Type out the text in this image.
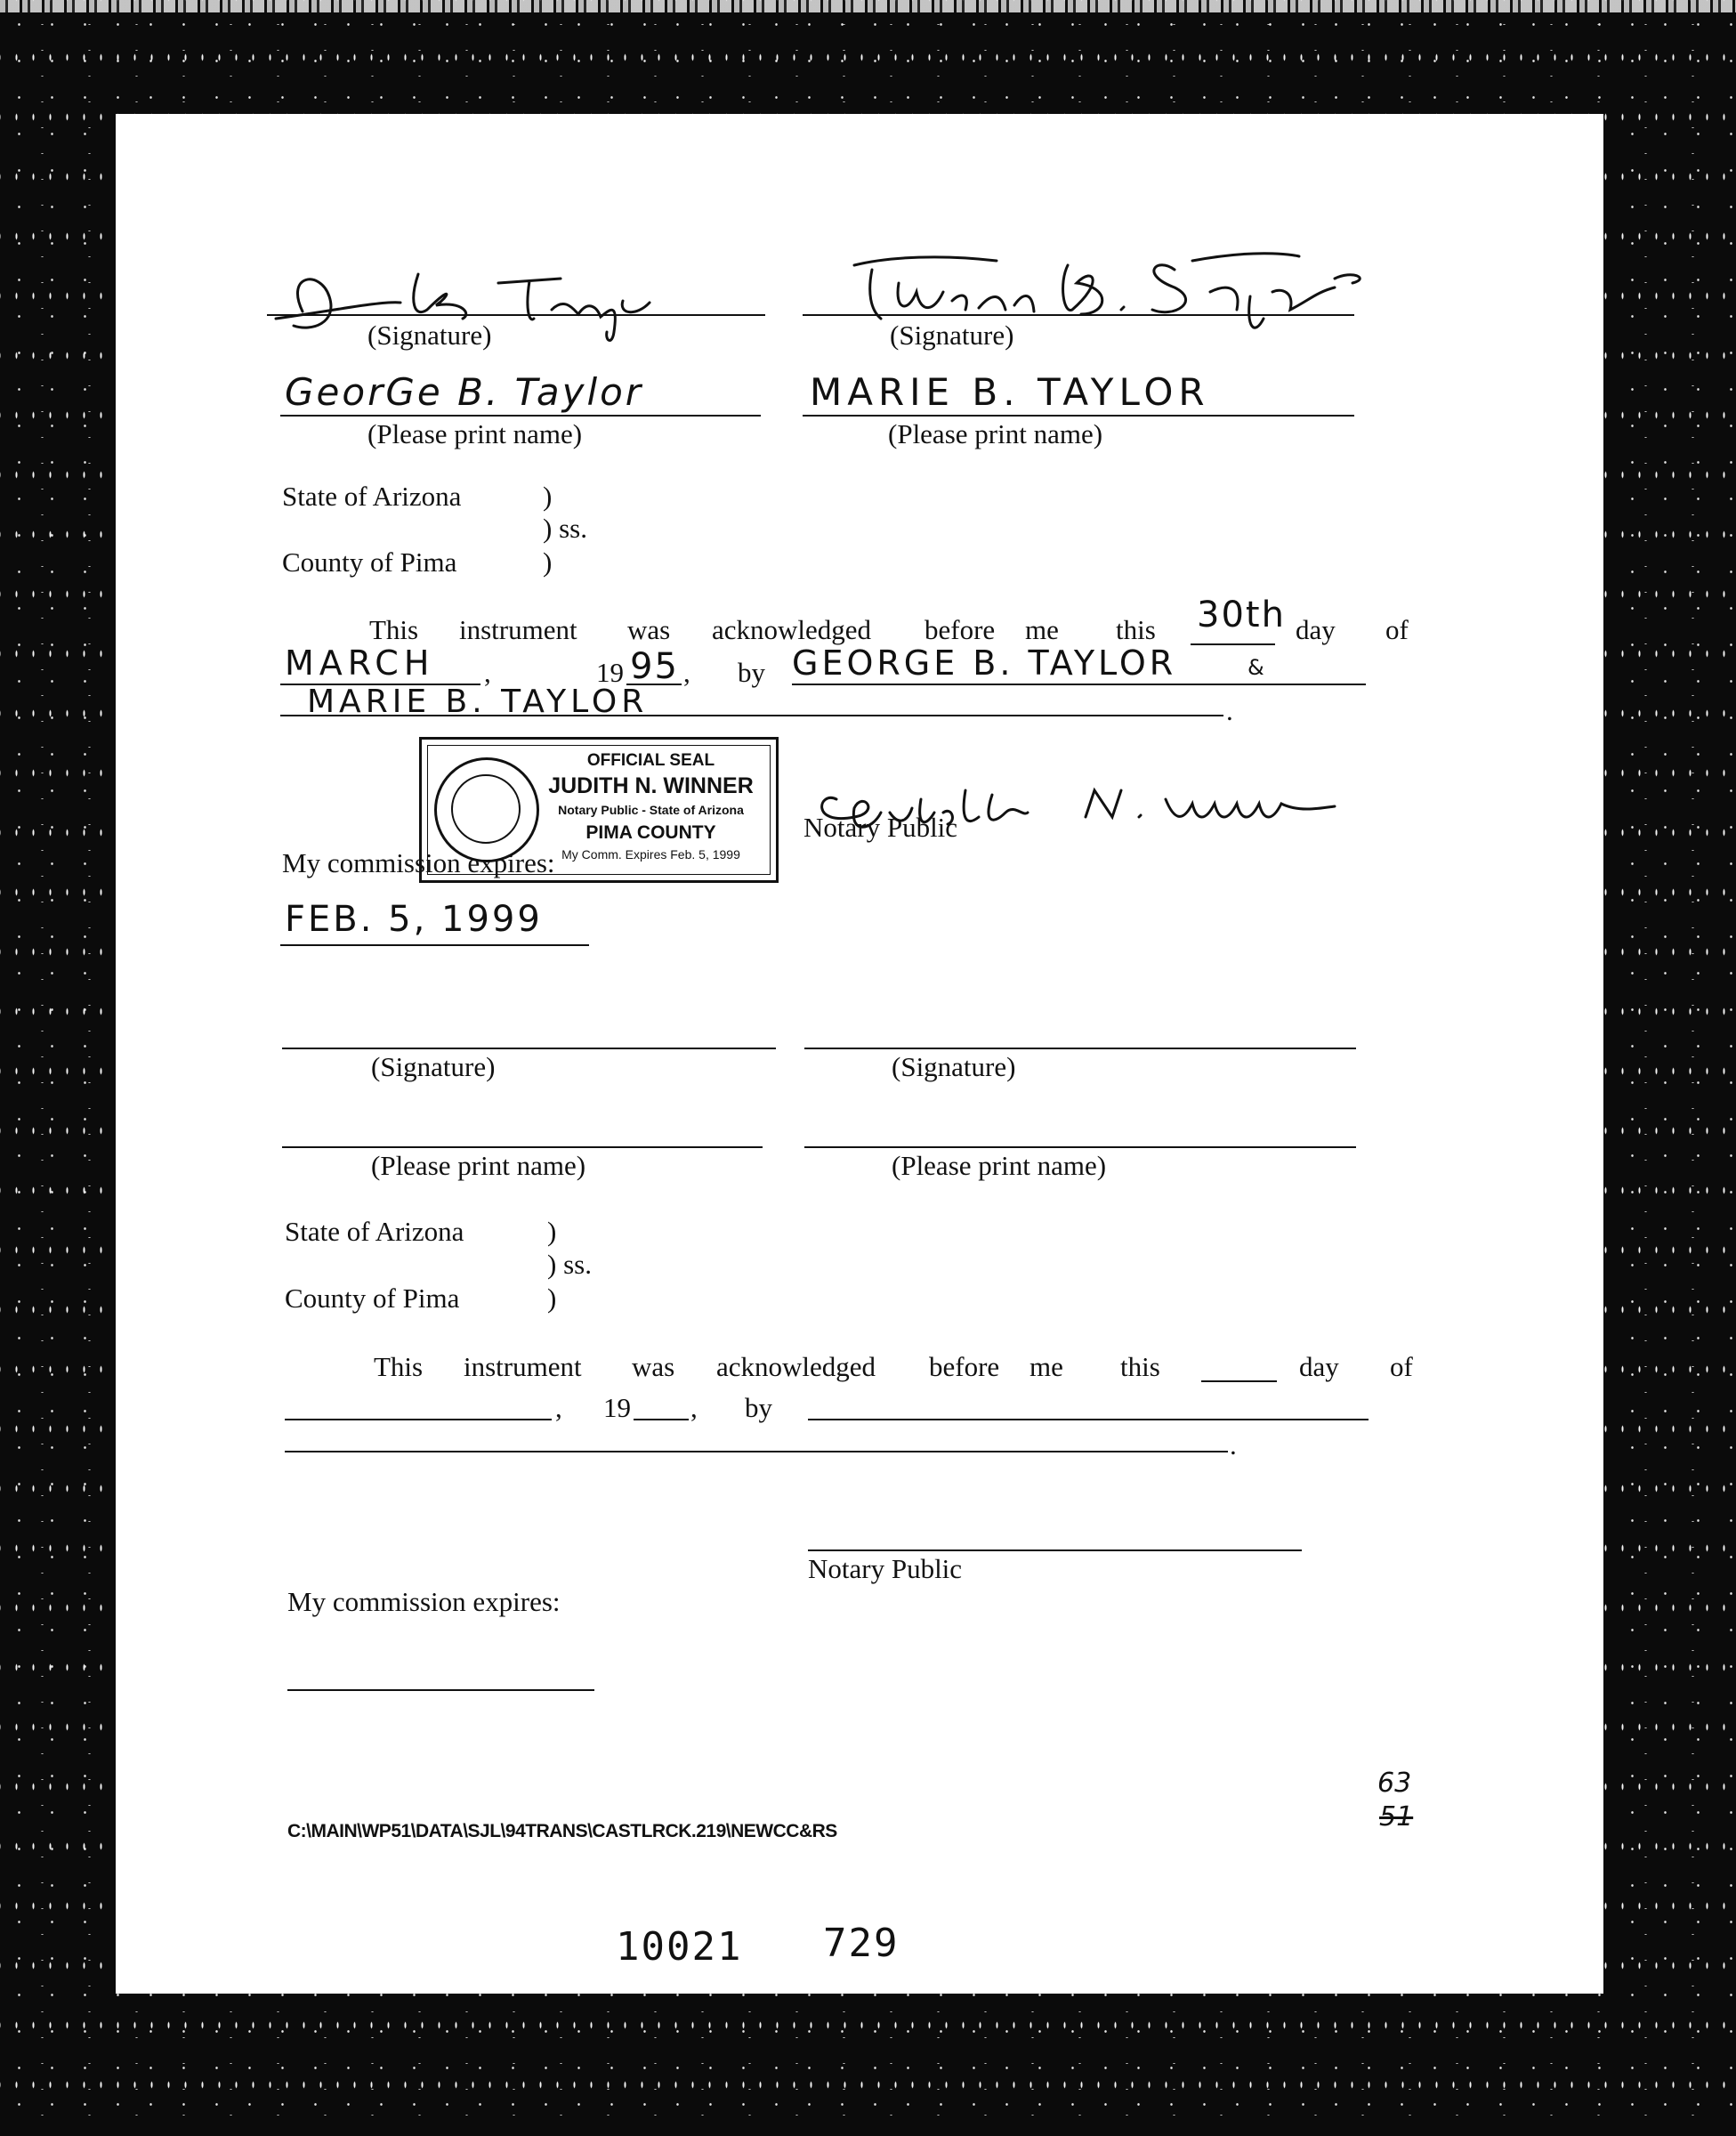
(Signature)	(Signature)
GeorGe B. Taylor	MARIE B. TAYLOR
(Please print name)	(Please print name)
State of Arizona	)
) ss.
County of Pima	)
This instrument was acknowledged before me this 30th day of
MARCH ,	19 95 , by GEORGE B. TAYLOR	&
MARIE B. TAYLOR	.
OFFICIAL SEAL
JUDITH N. WINNER
Notary Public - State of Arizona
PIMA COUNTY
My Comm. Expires Feb. 5, 1999
Notary Public
My commission expires:
FEB. 5, 1999
(Signature)	(Signature)
(Please print name)	(Please print name)
State of Arizona	)
) ss.
County of Pima	)
This instrument was acknowledged before me this	day of
, 19 , by
.
Notary Public
My commission expires:
C:\MAIN\WP51\DATA\SJL\94TRANS\CASTLRCK.219\NEWCC&RS
63
51
10021 729
